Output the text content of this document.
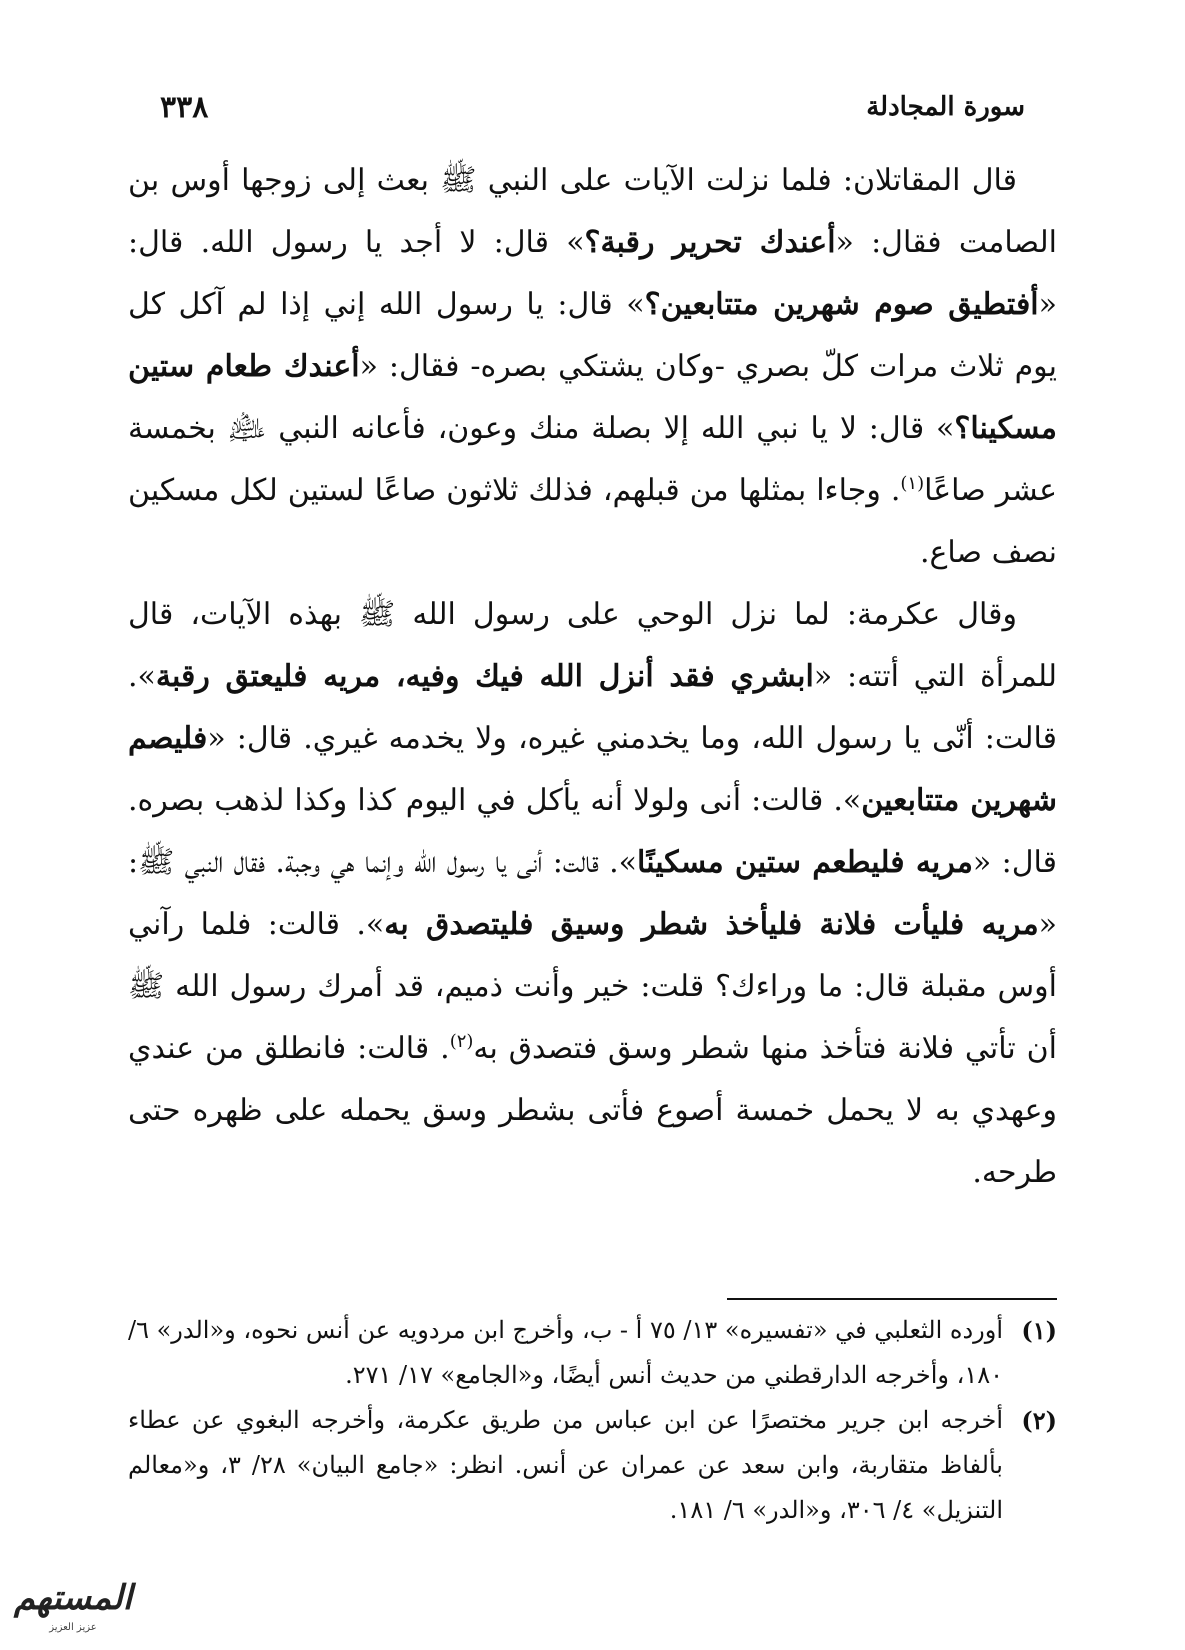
سورة المجادلة
٣٣٨

قال المقاتلان: فلما نزلت الآيات على النبي ﷺ بعث إلى زوجها أوس بن الصامت فقال: «أعندك تحرير رقبة؟» قال: لا أجد يا رسول الله. قال: «أفتطيق صوم شهرين متتابعين؟» قال: يا رسول الله إني إذا لم آكل كل يوم ثلاث مرات كلّ بصري -وكان يشتكي بصره- فقال: «أعندك طعام ستين مسكينا؟» قال: لا يا نبي الله إلا بصلة منك وعون، فأعانه النبي ﵇ بخمسة عشر صاعًا$^{(١)}$. وجاءا بمثلها من قبلهم، فذلك ثلاثون صاعًا لستين لكل مسكين نصف صاع.

وقال عكرمة: لما نزل الوحي على رسول الله ﷺ بهذه الآيات، قال للمرأة التي أتته: «ابشري فقد أنزل الله فيك وفيه، مريه فليعتق رقبة». قالت: أنّى يا رسول الله، وما يخدمني غيره، ولا يخدمه غيري. قال: «فليصم شهرين متتابعين». قالت: أنى ولولا أنه يأكل في اليوم كذا وكذا لذهب بصره. قال: «مريه فليطعم ستين مسكينًا». قالت: أنى يا رسول الله وإنما هي وجبة. فقال النبي ﷺ: «مريه فليأت فلانة فليأخذ شطر وسيق فليتصدق به». قالت: فلما رآني أوس مقبلة قال: ما وراءك؟ قلت: خير وأنت ذميم، قد أمرك رسول الله ﷺ أن تأتي فلانة فتأخذ منها شطر وسق فتصدق به$^{(٢)}$. قالت: فانطلق من عندي وعهدي به لا يحمل خمسة أصوع فأتى بشطر وسق يحمله على ظهره حتى طرحه.

(١)
أورده الثعلبي في «تفسيره» ١٣/ ٧٥ أ - ب، وأخرج ابن مردويه عن أنس نحوه، و«الدر» ٦/ ١٨٠، وأخرجه الدارقطني من حديث أنس أيضًا، و«الجامع» ١٧/ ٢٧١.
(٢)
أخرجه ابن جرير مختصرًا عن ابن عباس من طريق عكرمة، وأخرجه البغوي عن عطاء بألفاظ متقاربة، وابن سعد عن عمران عن أنس. انظر: «جامع البيان» ٢٨/ ٣، و«معالم التنزيل» ٤/ ٣٠٦، و«الدر» ٦/ ١٨١.
المستهم
عزيز العزيز
